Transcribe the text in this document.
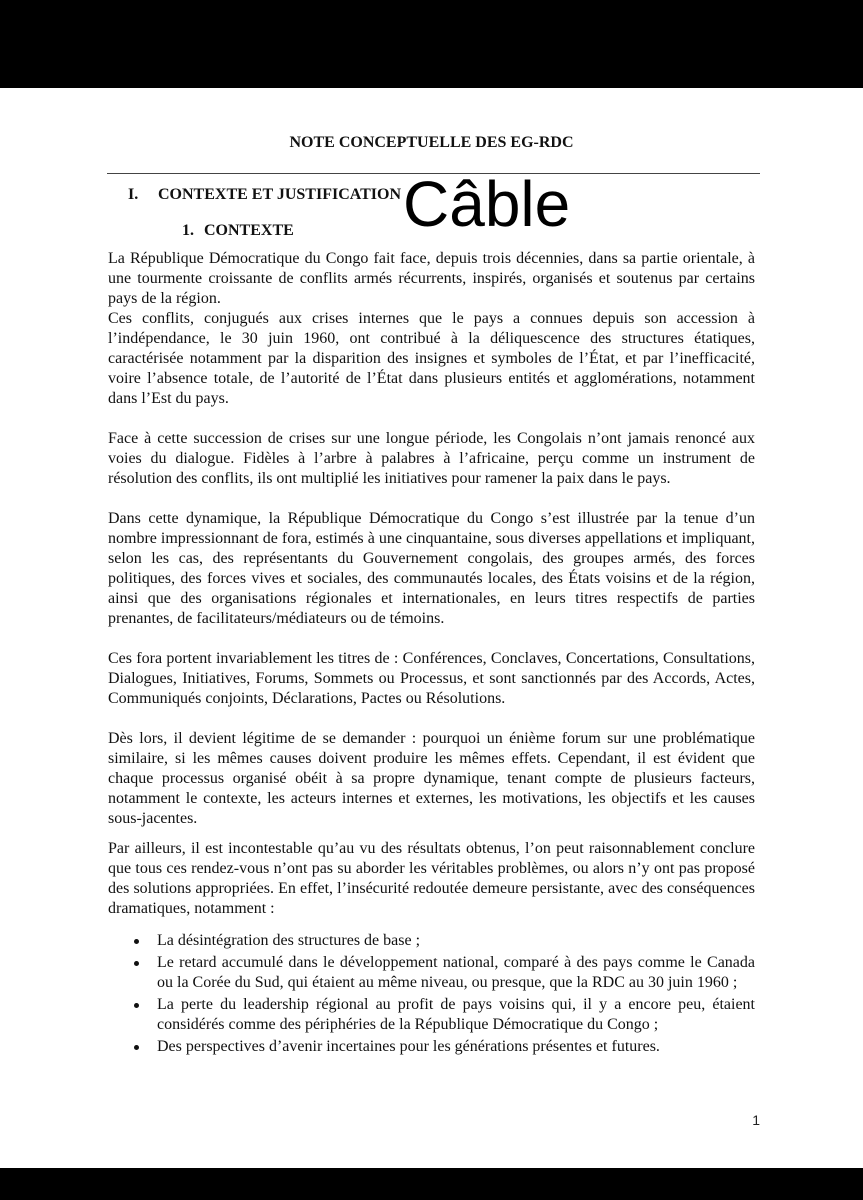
NOTE CONCEPTUELLE DES EG-RDC
I. CONTEXTE ET JUSTIFICATION
1. CONTEXTE Câble

La République Démocratique du Congo fait face, depuis trois décennies, dans sa partie orientale, à une tourmente croissante de conflits armés récurrents, inspirés, organisés et soutenus par certains pays de la région.

Ces conflits, conjugués aux crises internes que le pays a connues depuis son accession à l’indépendance, le 30 juin 1960, ont contribué à la déliquescence des structures étatiques, caractérisée notamment par la disparition des insignes et symboles de l’État, et par l’inefficacité, voire l’absence totale, de l’autorité de l’État dans plusieurs entités et agglomérations, notamment dans l’Est du pays.

Face à cette succession de crises sur une longue période, les Congolais n’ont jamais renoncé aux voies du dialogue. Fidèles à l’arbre à palabres à l’africaine, perçu comme un instrument de résolution des conflits, ils ont multiplié les initiatives pour ramener la paix dans le pays.

Dans cette dynamique, la République Démocratique du Congo s’est illustrée par la tenue d’un nombre impressionnant de fora, estimés à une cinquantaine, sous diverses appellations et impliquant, selon les cas, des représentants du Gouvernement congolais, des groupes armés, des forces politiques, des forces vives et sociales, des communautés locales, des États voisins et de la région, ainsi que des organisations régionales et internationales, en leurs titres respectifs de parties prenantes, de facilitateurs/médiateurs ou de témoins.

Ces fora portent invariablement les titres de : Conférences, Conclaves, Concertations, Consultations, Dialogues, Initiatives, Forums, Sommets ou Processus, et sont sanctionnés par des Accords, Actes, Communiqués conjoints, Déclarations, Pactes ou Résolutions.

Dès lors, il devient légitime de se demander : pourquoi un énième forum sur une problématique similaire, si les mêmes causes doivent produire les mêmes effets. Cependant, il est évident que chaque processus organisé obéit à sa propre dynamique, tenant compte de plusieurs facteurs, notamment le contexte, les acteurs internes et externes, les motivations, les objectifs et les causes sous-jacentes.

Par ailleurs, il est incontestable qu’au vu des résultats obtenus, l’on peut raisonnablement conclure que tous ces rendez-vous n’ont pas su aborder les véritables problèmes, ou alors n’y ont pas proposé des solutions appropriées. En effet, l’insécurité redoutée demeure persistante, avec des conséquences dramatiques, notamment :

La désintégration des structures de base ;
Le retard accumulé dans le développement national, comparé à des pays comme le Canada ou la Corée du Sud, qui étaient au même niveau, ou presque, que la RDC au 30 juin 1960 ;
La perte du leadership régional au profit de pays voisins qui, il y a encore peu, étaient considérés comme des périphéries de la République Démocratique du Congo ;
Des perspectives d’avenir incertaines pour les générations présentes et futures.
1
